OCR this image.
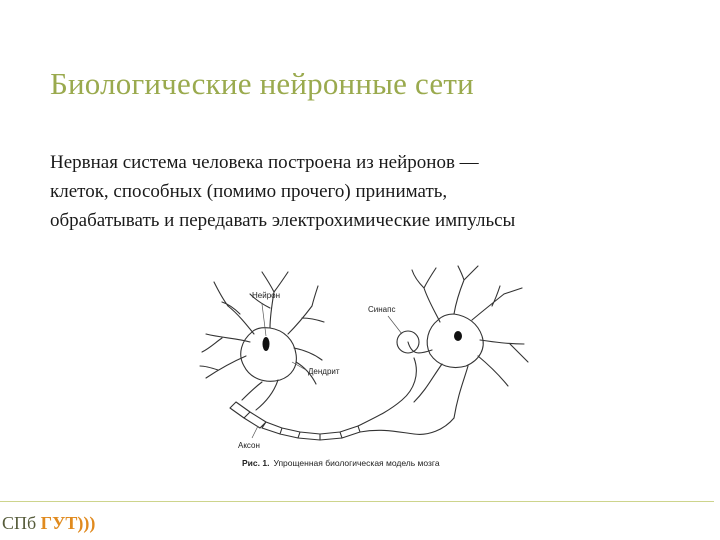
Биологические нейронные сети
Нервная система человека построена из нейронов —
клеток, способных (помимо прочего) принимать,
обрабатывать и передавать электрохимические импульсы
Нейрон
Синапс
Дендрит
Аксон
Рис. 1. Упрощенная биологическая модель мозга
СПб ГУТ)))
